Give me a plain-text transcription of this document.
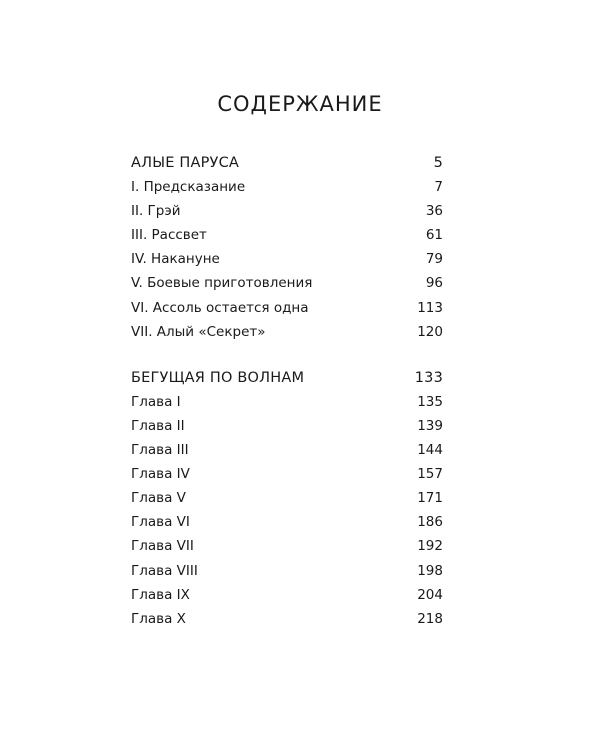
СОДЕРЖАНИЕ
АЛЫЕ ПАРУСА	5
I. Предсказание	7
II. Грэй	36
III. Рассвет	61
IV. Накануне	79
V. Боевые приготовления	96
VI. Ассоль остается одна	113
VII. Алый «Секрет»	120
БЕГУЩАЯ ПО ВОЛНАМ	133
Глава I	135
Глава II	139
Глава III	144
Глава IV	157
Глава V	171
Глава VI	186
Глава VII	192
Глава VIII	198
Глава IX	204
Глава X	218
